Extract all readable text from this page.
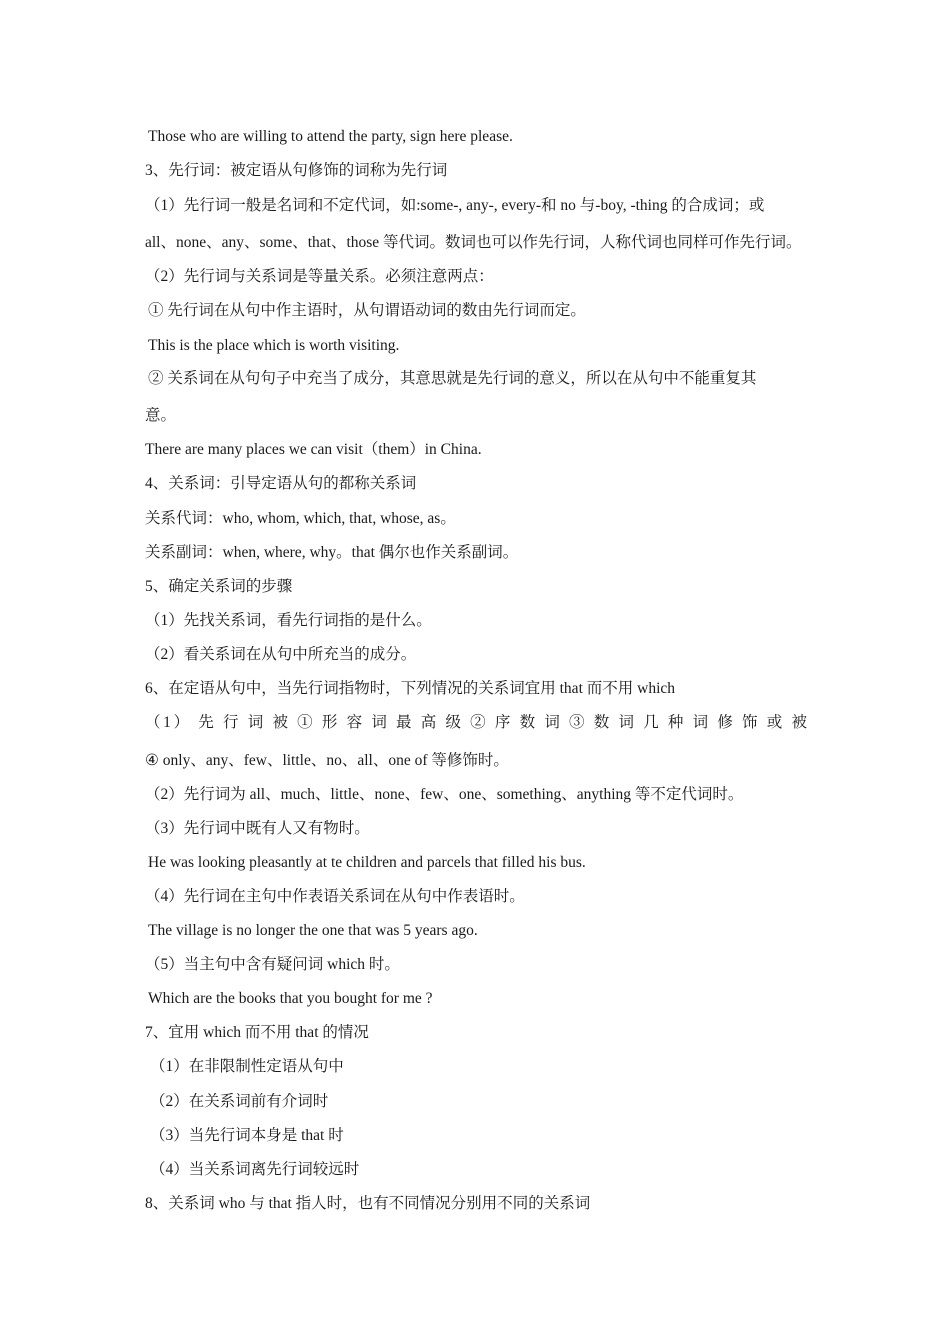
Those who are willing to attend the party, sign here please.
3、先行词：被定语从句修饰的词称为先行词
（1）先行词一般是名词和不定代词，如:some-, any-, every-和 no 与-boy, -thing 的合成词；或
all、none、any、some、that、those 等代词。数词也可以作先行词，人称代词也同样可作先行词。
（2）先行词与关系词是等量关系。必须注意两点：
① 先行词在从句中作主语时，从句谓语动词的数由先行词而定。
This is the place which is worth visiting.
② 关系词在从句句子中充当了成分，其意思就是先行词的意义，所以在从句中不能重复其
意。
There are many places we can visit（them）in China.
4、关系词：引导定语从句的都称关系词
关系代词：who, whom, which, that, whose, as。
关系副词：when, where, why。that 偶尔也作关系副词。
5、确定关系词的步骤
（1）先找关系词，看先行词指的是什么。
（2）看关系词在从句中所充当的成分。
6、在定语从句中，当先行词指物时，下列情况的关系词宜用 that 而不用 which
（1） 先 行 词 被 ① 形 容 词 最 高 级 ② 序 数 词 ③ 数 词 几 种 词 修 饰 或 被
④ only、any、few、little、no、all、one of 等修饰时。
（2）先行词为 all、much、little、none、few、one、something、anything 等不定代词时。
（3）先行词中既有人又有物时。
He was looking pleasantly at te children and parcels that filled his bus.
（4）先行词在主句中作表语关系词在从句中作表语时。
The village is no longer the one that was 5 years ago.
（5）当主句中含有疑问词 which 时。
Which are the books that you bought for me ?
7、宜用 which 而不用 that 的情况
（1）在非限制性定语从句中
（2）在关系词前有介词时
（3）当先行词本身是 that 时
（4）当关系词离先行词较远时
8、关系词 who 与 that 指人时，也有不同情况分别用不同的关系词
